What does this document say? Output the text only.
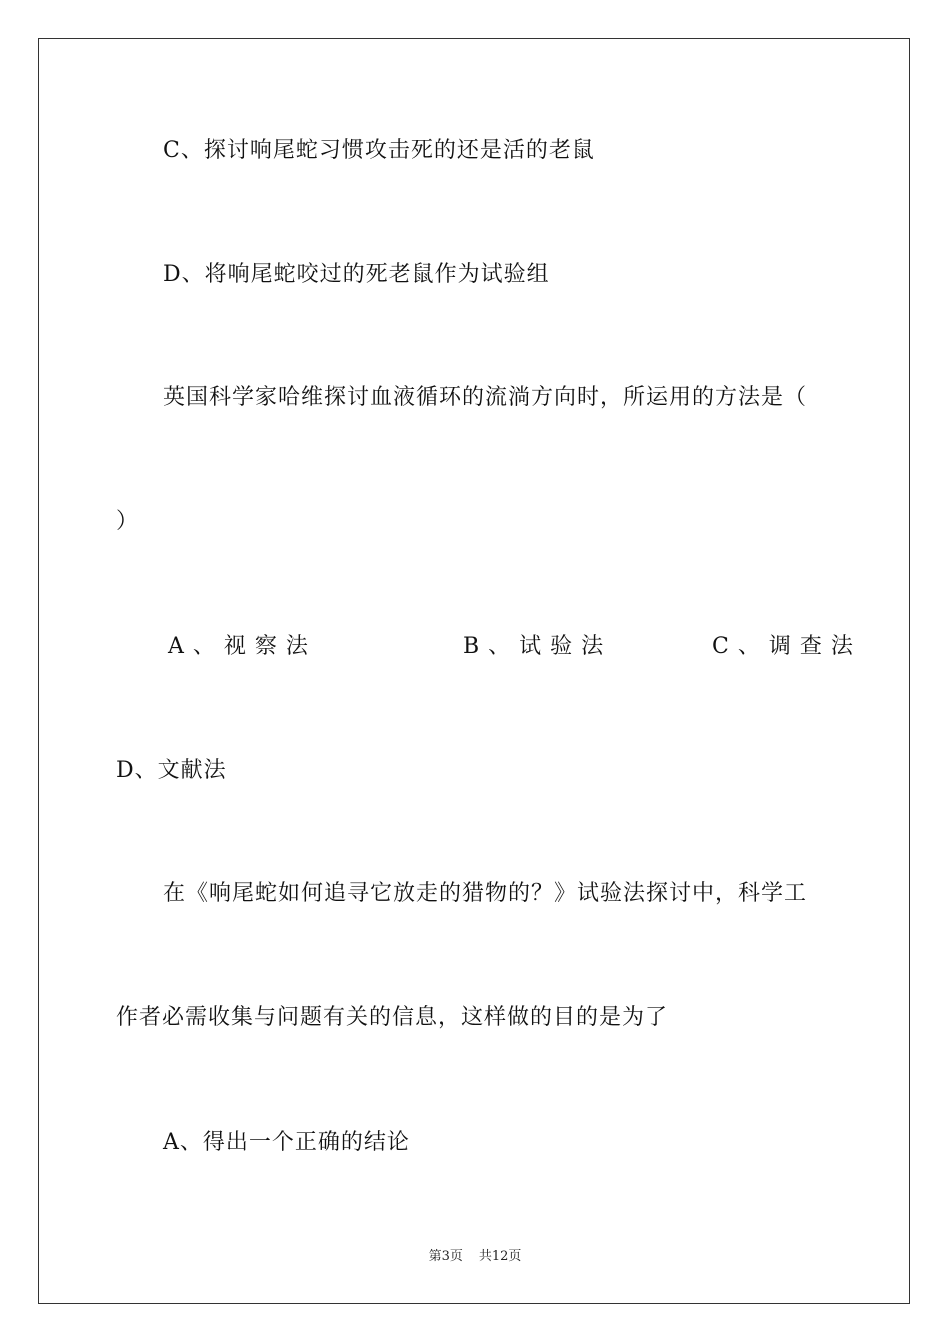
C、探讨响尾蛇习惯攻击死的还是活的老鼠
D、将响尾蛇咬过的死老鼠作为试验组
英国科学家哈维探讨血液循环的流淌方向时，所运用的方法是（
）
A、视察法	B、试验法	C、调查法
D、文献法
在《响尾蛇如何追寻它放走的猎物的？》试验法探讨中，科学工
作者必需收集与问题有关的信息，这样做的目的是为了
A、得出一个正确的结论
第3页 共12页
